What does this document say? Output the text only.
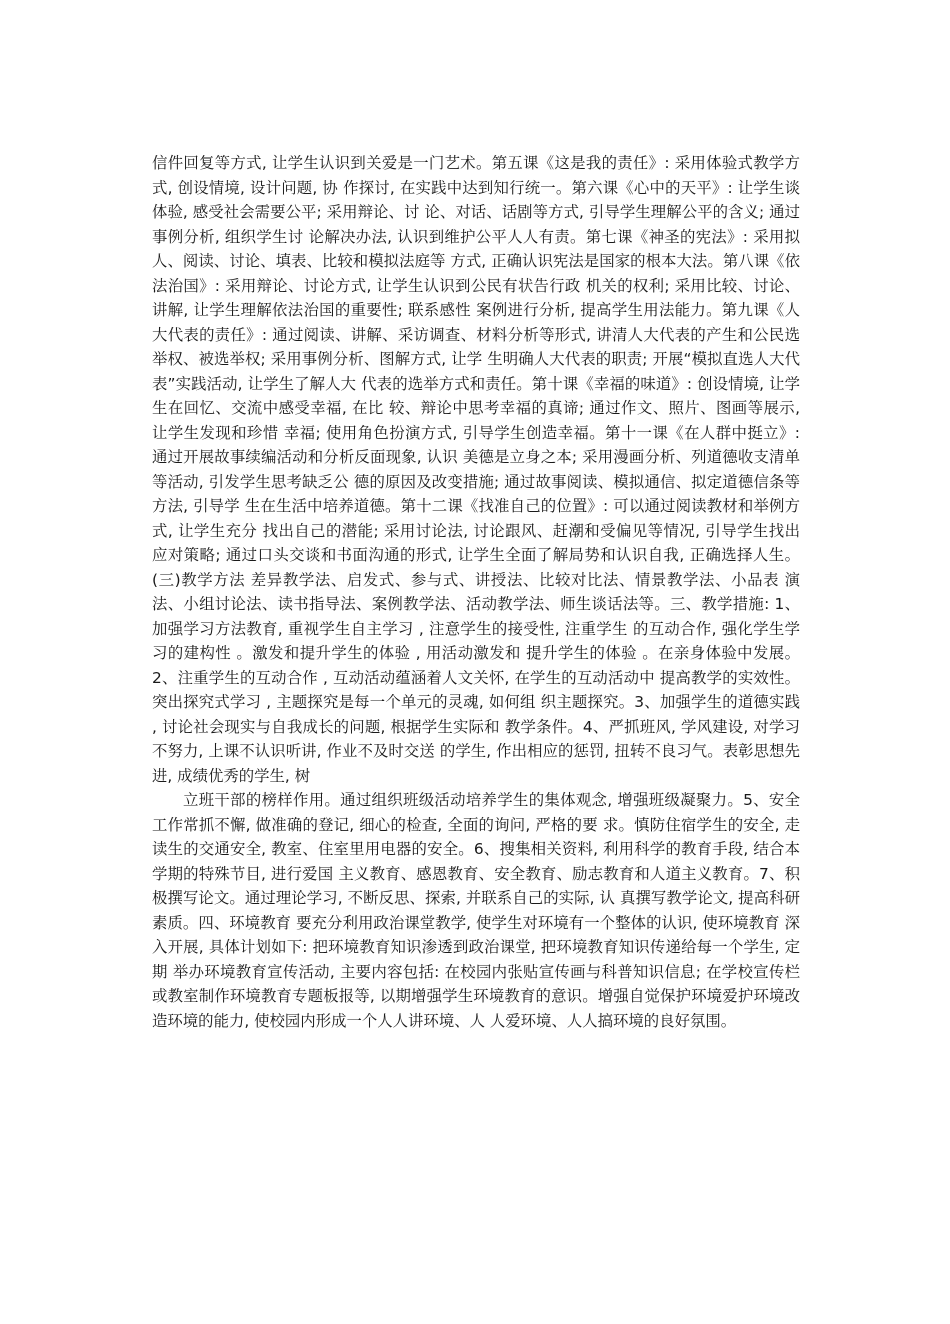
信件回复等方式, 让学生认识到关爱是一门艺术。第五课《这是我的责任》: 采用体验式教学方式, 创设情境, 设计问题, 协 作探讨, 在实践中达到知行统一。第六课《心中的天平》: 让学生谈体验, 感受社会需要公平; 采用辩论、讨 论、对话、话剧等方式, 引导学生理解公平的含义; 通过事例分析, 组织学生讨 论解决办法, 认识到维护公平人人有责。第七课《神圣的宪法》: 采用拟人、阅读、讨论、填表、比较和模拟法庭等 方式, 正确认识宪法是国家的根本大法。第八课《依法治国》: 采用辩论、讨论方式, 让学生认识到公民有状告行政 机关的权利; 采用比较、讨论、讲解, 让学生理解依法治国的重要性; 联系感性 案例进行分析, 提高学生用法能力。第九课《人大代表的责任》: 通过阅读、讲解、采访调查、材料分析等形式, 讲清人大代表的产生和公民选举权、被选举权; 采用事例分析、图解方式, 让学 生明确人大代表的职责; 开展“模拟直选人大代表”实践活动, 让学生了解人大 代表的选举方式和责任。第十课《幸福的味道》: 创设情境, 让学生在回忆、交流中感受幸福, 在比 较、辩论中思考幸福的真谛; 通过作文、照片、图画等展示, 让学生发现和珍惜 幸福; 使用角色扮演方式, 引导学生创造幸福。第十一课《在人群中挺立》: 通过开展故事续编活动和分析反面现象, 认识 美德是立身之本; 采用漫画分析、列道德收支清单等活动, 引发学生思考缺乏公 德的原因及改变措施; 通过故事阅读、模拟通信、拟定道德信条等方法, 引导学 生在生活中培养道德。第十二课《找准自己的位置》: 可以通过阅读教材和举例方式, 让学生充分 找出自己的潜能; 采用讨论法, 讨论跟风、赶潮和受偏见等情况, 引导学生找出 应对策略; 通过口头交谈和书面沟通的形式, 让学生全面了解局势和认识自我, 正确选择人生。(三)教学方法 差异教学法、启发式、参与式、讲授法、比较对比法、情景教学法、小品表 演法、小组讨论法、读书指导法、案例教学法、活动教学法、师生谈话法等。三、教学措施: 1、加强学习方法教育, 重视学生自主学习 , 注意学生的接受性, 注重学生 的互动合作, 强化学生学习的建构性 。激发和提升学生的体验 , 用活动激发和 提升学生的体验 。在亲身体验中发展。2、注重学生的互动合作 , 互动活动蕴涵着人文关怀, 在学生的互动活动中 提高教学的实效性。突出探究式学习 , 主题探究是每一个单元的灵魂, 如何组 织主题探究。3、加强学生的道德实践 , 讨论社会现实与自我成长的问题, 根据学生实际和 教学条件。4、严抓班风, 学风建设, 对学习不努力, 上课不认识听讲, 作业不及时交送 的学生, 作出相应的惩罚, 扭转不良习气。表彰思想先进, 成绩优秀的学生, 树

立班干部的榜样作用。通过组织班级活动培养学生的集体观念, 增强班级凝聚力。5、安全工作常抓不懈, 做准确的登记, 细心的检查, 全面的询问, 严格的要 求。慎防住宿学生的安全, 走读生的交通安全, 教室、住室里用电器的安全。6、搜集相关资料, 利用科学的教育手段, 结合本学期的特殊节目, 进行爱国 主义教育、感恩教育、安全教育、励志教育和人道主义教育。7、积极撰写论文。通过理论学习, 不断反思、探索, 并联系自己的实际, 认 真撰写教学论文, 提高科研素质。四、环境教育 要充分利用政治课堂教学, 使学生对环境有一个整体的认识, 使环境教育 深入开展, 具体计划如下: 把环境教育知识渗透到政治课堂, 把环境教育知识传递给每一个学生, 定期 举办环境教育宣传活动, 主要内容包括: 在校园内张贴宣传画与科普知识信息; 在学校宣传栏或教室制作环境教育专题板报等, 以期增强学生环境教育的意识。增强自觉保护环境爱护环境改造环境的能力, 使校园内形成一个人人讲环境、人 人爱环境、人人搞环境的良好氛围。
